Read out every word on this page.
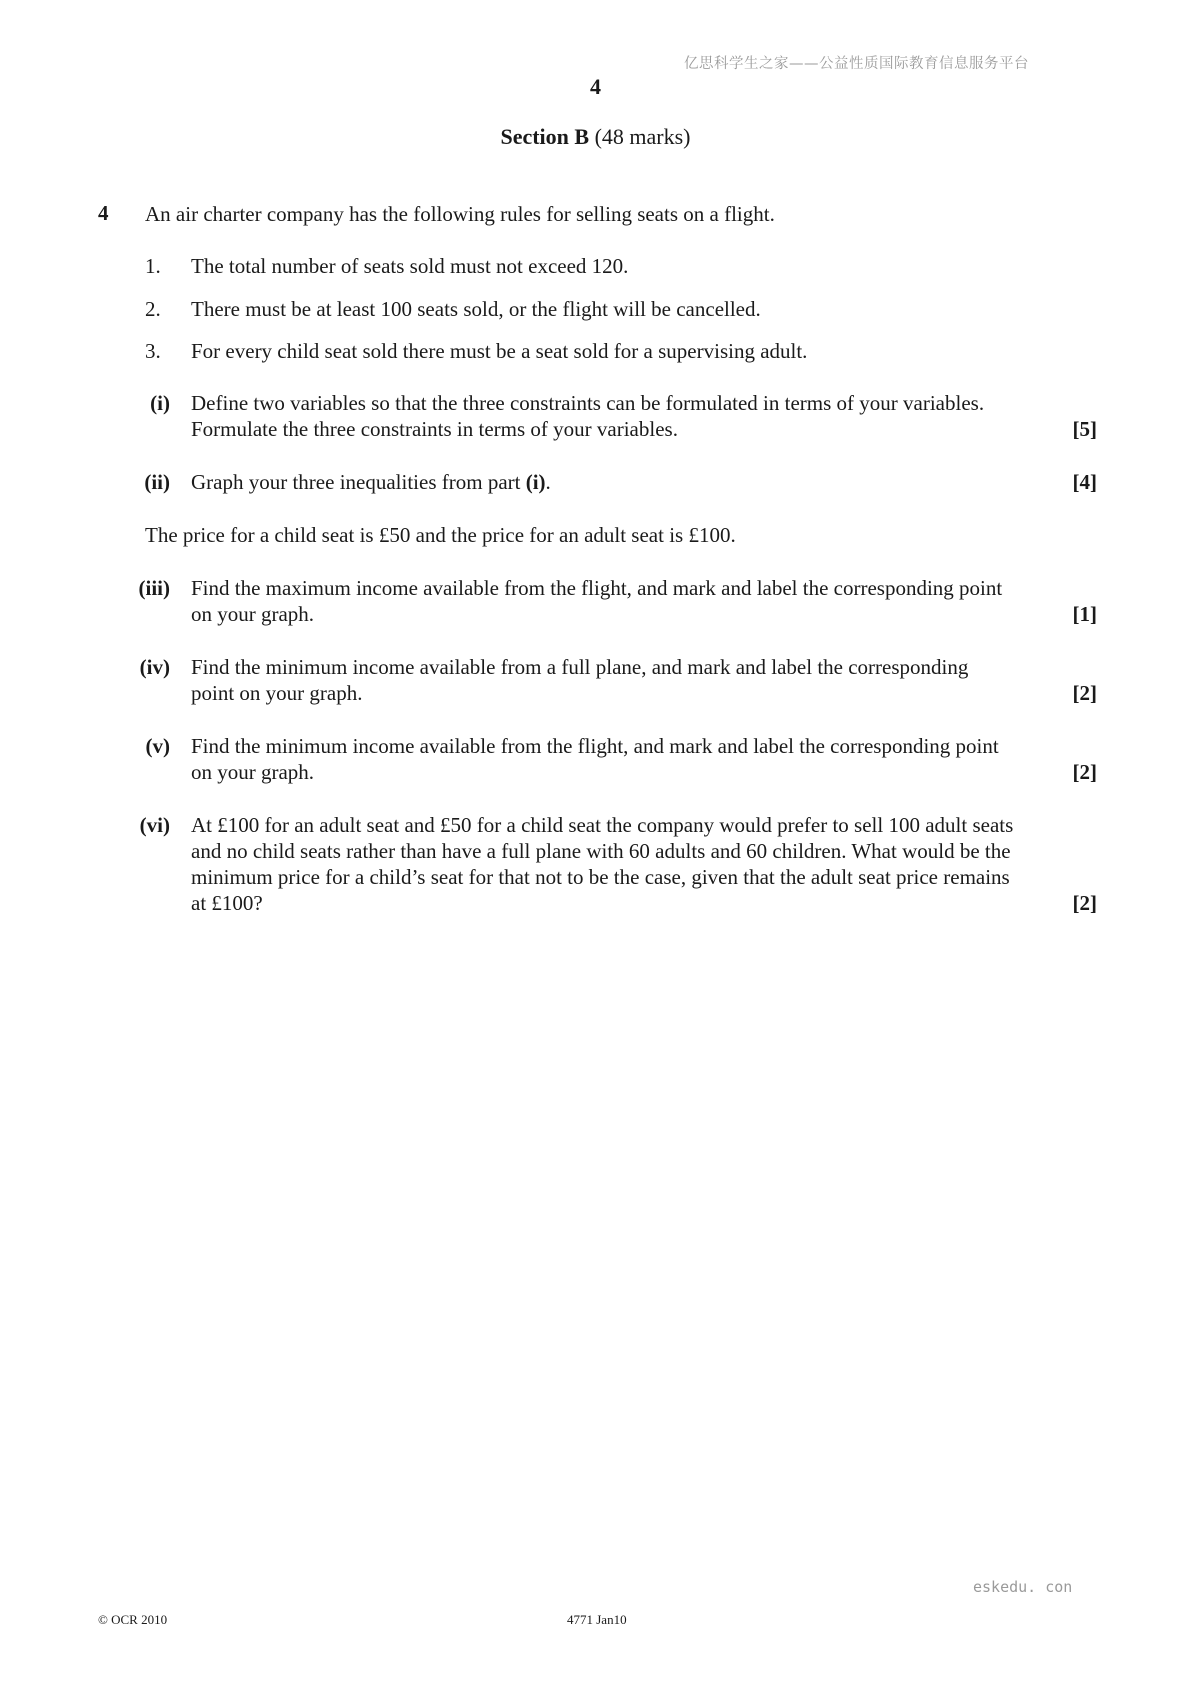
亿思科学生之家——公益性质国际教育信息服务平台
4
Section B (48 marks)
4 An air charter company has the following rules for selling seats on a flight.
1. The total number of seats sold must not exceed 120.
2. There must be at least 100 seats sold, or the flight will be cancelled.
3. For every child seat sold there must be a seat sold for a supervising adult.
(i) Define two variables so that the three constraints can be formulated in terms of your variables.
Formulate the three constraints in terms of your variables.	[5]
(ii) Graph your three inequalities from part (i).	[4]
The price for a child seat is £50 and the price for an adult seat is £100.
(iii) Find the maximum income available from the flight, and mark and label the corresponding point
on your graph.	[1]
(iv) Find the minimum income available from a full plane, and mark and label the corresponding
point on your graph.	[2]
(v) Find the minimum income available from the flight, and mark and label the corresponding point
on your graph.	[2]
(vi) At £100 for an adult seat and £50 for a child seat the company would prefer to sell 100 adult seats
and no child seats rather than have a full plane with 60 adults and 60 children. What would be the
minimum price for a child’s seat for that not to be the case, given that the adult seat price remains
at £100?	[2]
eskedu. con
© OCR 2010	4771 Jan10
